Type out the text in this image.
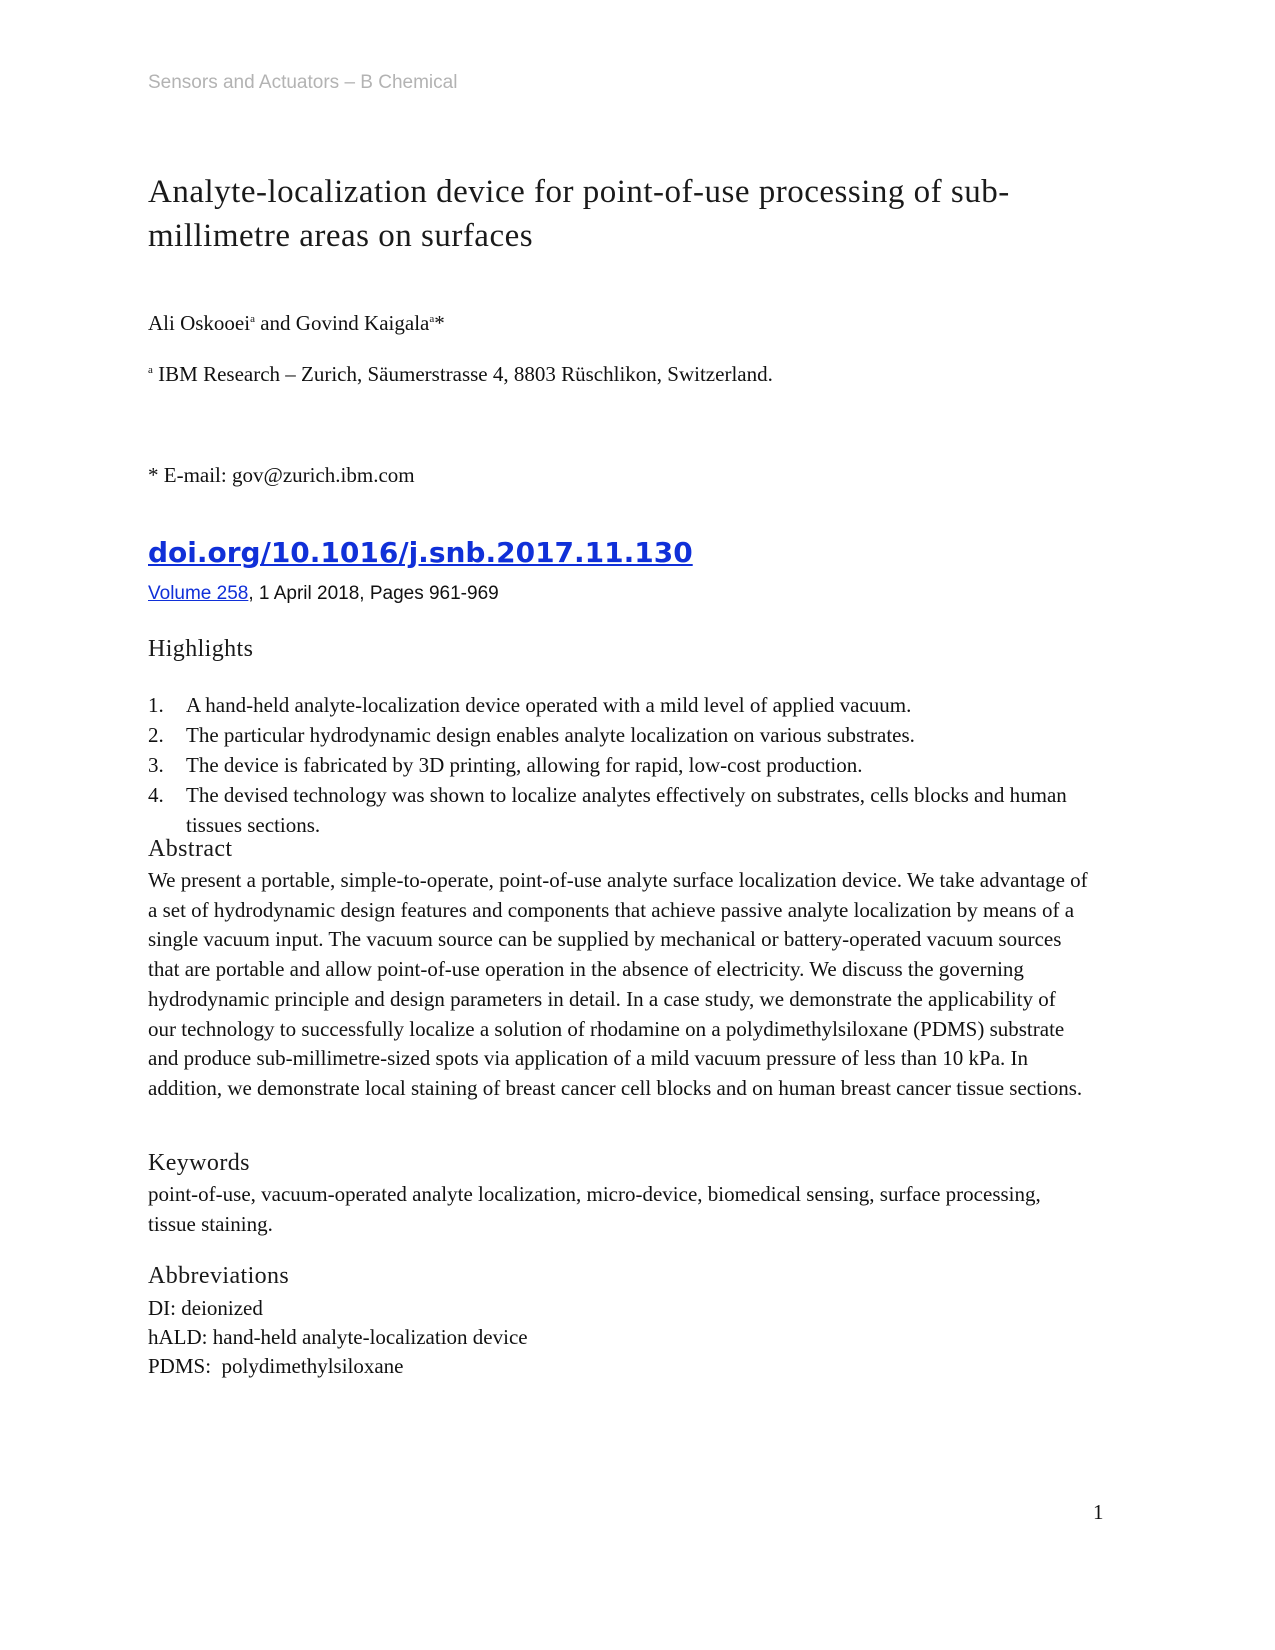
Sensors and Actuators – B Chemical
Analyte-localization device for point-of-use processing of sub-millimetre areas on surfaces
Ali Oskooei$^a$ and Govind Kaigala$^a$*
$^a$ IBM Research – Zurich, Säumerstrasse 4, 8803 Rüschlikon, Switzerland.
* E-mail: gov@zurich.ibm.com
doi.org/10.1016/j.snb.2017.11.130
Volume 258, 1 April 2018, Pages 961-969
Highlights
1. A hand-held analyte-localization device operated with a mild level of applied vacuum.
2. The particular hydrodynamic design enables analyte localization on various substrates.
3. The device is fabricated by 3D printing, allowing for rapid, low-cost production.
4. The devised technology was shown to localize analytes effectively on substrates, cells blocks and human tissues sections.
Abstract

We present a portable, simple-to-operate, point-of-use analyte surface localization device. We take advantage of a set of hydrodynamic design features and components that achieve passive analyte localization by means of a single vacuum input. The vacuum source can be supplied by mechanical or battery-operated vacuum sources that are portable and allow point-of-use operation in the absence of electricity. We discuss the governing hydrodynamic principle and design parameters in detail. In a case study, we demonstrate the applicability of our technology to successfully localize a solution of rhodamine on a polydimethylsiloxane (PDMS) substrate and produce sub-millimetre-sized spots via application of a mild vacuum pressure of less than 10 kPa. In addition, we demonstrate local staining of breast cancer cell blocks and on human breast cancer tissue sections.

Keywords

point-of-use, vacuum-operated analyte localization, micro-device, biomedical sensing, surface processing, tissue staining.

Abbreviations
DI: deionized
hALD: hand-held analyte-localization device
PDMS:  polydimethylsiloxane
1
